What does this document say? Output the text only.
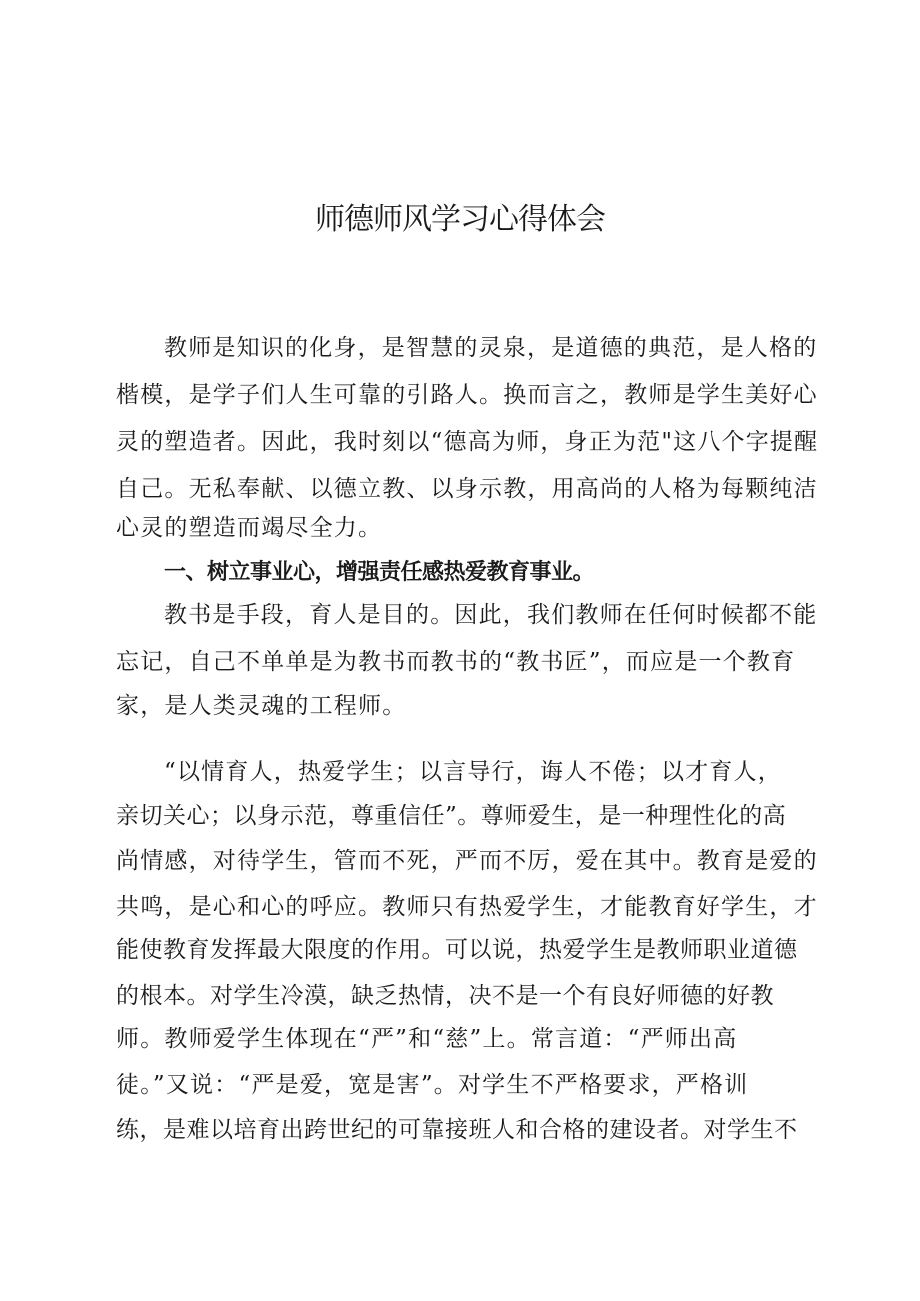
师德师风学习心得体会
教师是知识的化身，是智慧的灵泉，是道德的典范，是人格的
楷模，是学子们人生可靠的引路人。换而言之，教师是学生美好心
灵的塑造者。因此，我时刻以“德高为师，身正为范"这八个字提醒
自己。无私奉献、以德立教、以身示教，用高尚的人格为每颗纯洁
心灵的塑造而竭尽全力。
一、树立事业心，增强责任感热爱教育事业。
教书是手段，育人是目的。因此，我们教师在任何时候都不能
忘记，自己不单单是为教书而教书的“教书匠”，而应是一个教育
家，是人类灵魂的工程师。
“以情育人，热爱学生；以言导行，诲人不倦；以才育人，
亲切关心；以身示范，尊重信任”。尊师爱生，是一种理性化的高
尚情感，对待学生，管而不死，严而不厉，爱在其中。教育是爱的
共鸣，是心和心的呼应。教师只有热爱学生，才能教育好学生，才
能使教育发挥最大限度的作用。可以说，热爱学生是教师职业道德
的根本。对学生冷漠，缺乏热情，决不是一个有良好师德的好教
师。教师爱学生体现在“严”和“慈”上。常言道：“严师出高
徒。”又说：“严是爱，宽是害”。对学生不严格要求，严格训
练，是难以培育出跨世纪的可靠接班人和合格的建设者。对学生不
